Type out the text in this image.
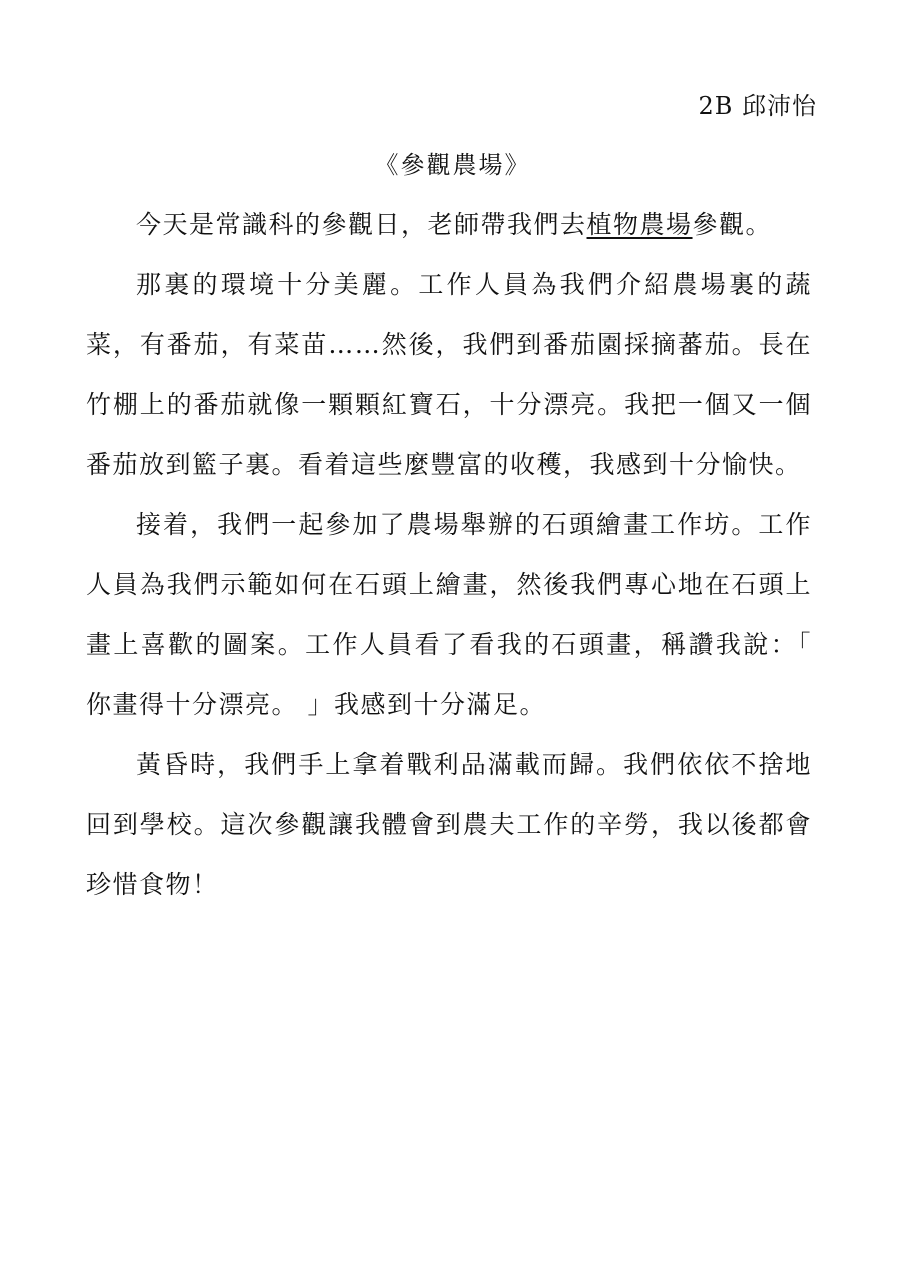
2B 邱沛怡
《參觀農場》

今天是常識科的參觀日，老師帶我們去植物農場參觀。

那裏的環境十分美麗。工作人員為我們介紹農場裏的蔬菜，有番茄，有菜苗……然後，我們到番茄園採摘蕃茄。長在竹棚上的番茄就像一顆顆紅寶石，十分漂亮。我把一個又一個番茄放到籃子裏。看着這些麼豐富的收穫，我感到十分愉快。

接着，我們一起參加了農場舉辦的石頭繪畫工作坊。工作人員為我們示範如何在石頭上繪畫，然後我們專心地在石頭上畫上喜歡的圖案。工作人員看了看我的石頭畫，稱讚我說：「 你畫得十分漂亮。 」我感到十分滿足。

黃昏時，我們手上拿着戰利品滿載而歸。我們依依不捨地回到學校。這次參觀讓我體會到農夫工作的辛勞，我以後都會珍惜食物！
